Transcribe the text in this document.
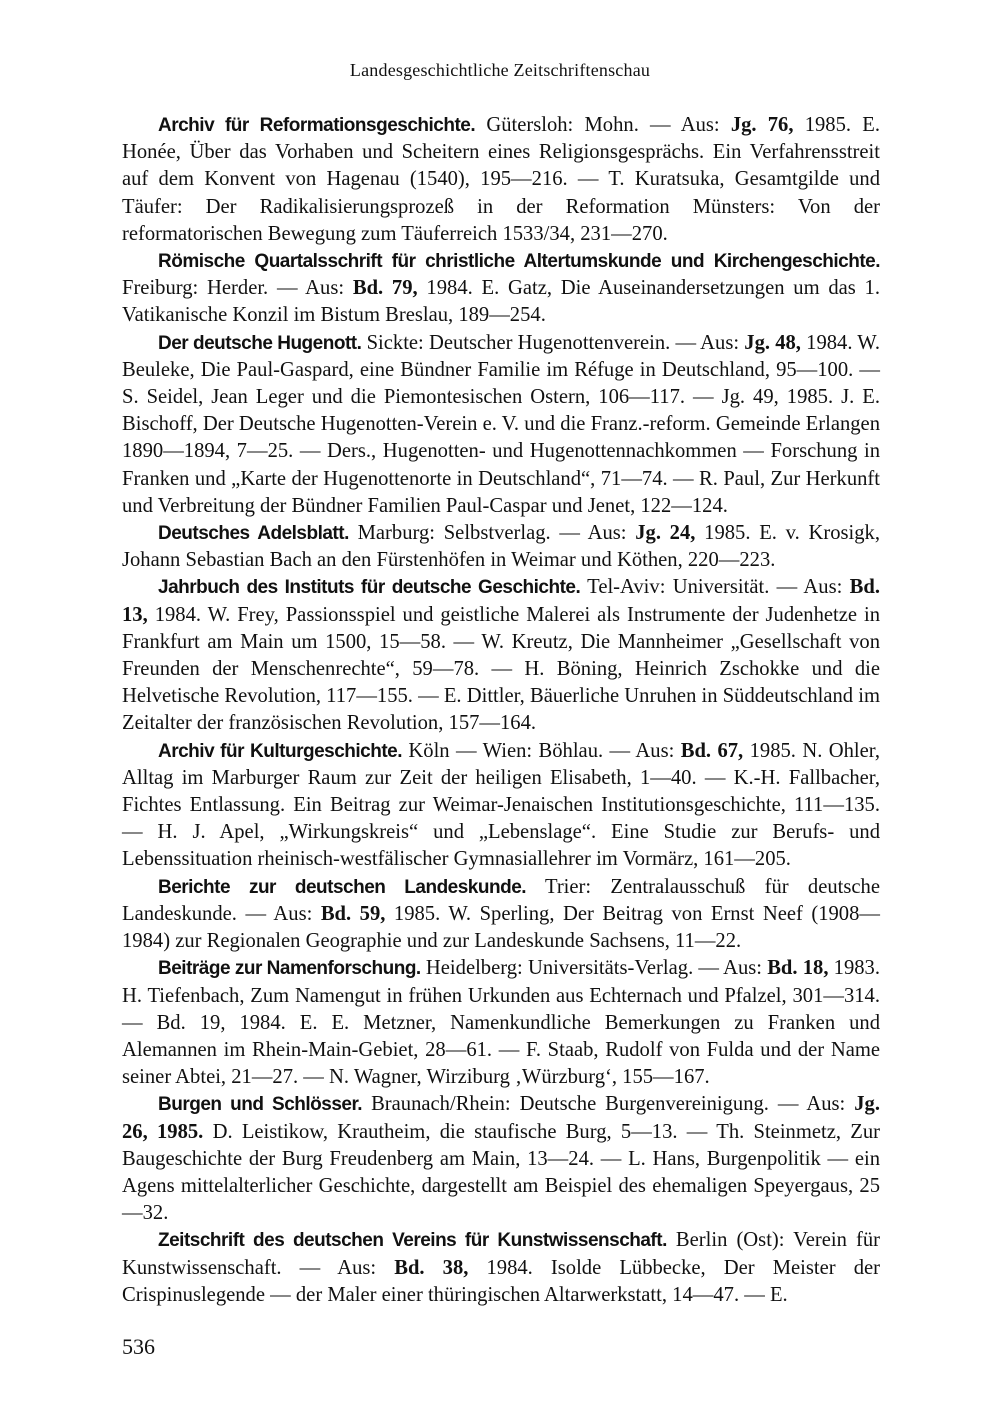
Landesgeschichtliche Zeitschriftenschau

Archiv für Reformationsgeschichte. Gütersloh: Mohn. — Aus: Jg. 76, 1985. E. Honée, Über das Vorhaben und Scheitern eines Religionsgesprächs. Ein Verfahrensstreit auf dem Konvent von Hagenau (1540), 195—216. — T. Kuratsuka, Gesamtgilde und Täufer: Der Radikalisierungsprozeß in der Reformation Münsters: Von der reformatorischen Bewegung zum Täuferreich 1533/34, 231—270.

Römische Quartalsschrift für christliche Altertumskunde und Kirchengeschichte. Freiburg: Herder. — Aus: Bd. 79, 1984. E. Gatz, Die Auseinandersetzungen um das 1. Vatikanische Konzil im Bistum Breslau, 189—254.

Der deutsche Hugenott. Sickte: Deutscher Hugenottenverein. — Aus: Jg. 48, 1984. W. Beuleke, Die Paul-Gaspard, eine Bündner Familie im Réfuge in Deutschland, 95—100. — S. Seidel, Jean Leger und die Piemontesischen Ostern, 106—117. — Jg. 49, 1985. J. E. Bischoff, Der Deutsche Hugenotten-Verein e. V. und die Franz.-reform. Gemeinde Erlangen 1890—1894, 7—25. — Ders., Hugenotten- und Hugenottennachkommen — Forschung in Franken und „Karte der Hugenottenorte in Deutschland“, 71—74. — R. Paul, Zur Herkunft und Verbreitung der Bündner Familien Paul-Caspar und Jenet, 122—124.

Deutsches Adelsblatt. Marburg: Selbstverlag. — Aus: Jg. 24, 1985. E. v. Krosigk, Johann Sebastian Bach an den Fürstenhöfen in Weimar und Köthen, 220—223.

Jahrbuch des Instituts für deutsche Geschichte. Tel-Aviv: Universität. — Aus: Bd. 13, 1984. W. Frey, Passionsspiel und geistliche Malerei als Instrumente der Judenhetze in Frankfurt am Main um 1500, 15—58. — W. Kreutz, Die Mannheimer „Gesellschaft von Freunden der Menschenrechte“, 59—78. — H. Böning, Heinrich Zschokke und die Helvetische Revolution, 117—155. — E. Dittler, Bäuerliche Unruhen in Süddeutschland im Zeitalter der französischen Revolution, 157—164.

Archiv für Kulturgeschichte. Köln — Wien: Böhlau. — Aus: Bd. 67, 1985. N. Ohler, Alltag im Marburger Raum zur Zeit der heiligen Elisabeth, 1—40. — K.-H. Fallbacher, Fichtes Entlassung. Ein Beitrag zur Weimar-Jenaischen Institutionsgeschichte, 111—135. — H. J. Apel, „Wirkungskreis“ und „Lebenslage“. Eine Studie zur Berufs- und Lebenssituation rheinisch-westfälischer Gymnasiallehrer im Vormärz, 161—205.

Berichte zur deutschen Landeskunde. Trier: Zentralausschuß für deutsche Landeskunde. — Aus: Bd. 59, 1985. W. Sperling, Der Beitrag von Ernst Neef (1908—1984) zur Regionalen Geographie und zur Landeskunde Sachsens, 11—22.

Beiträge zur Namenforschung. Heidelberg: Universitäts-Verlag. — Aus: Bd. 18, 1983. H. Tiefenbach, Zum Namengut in frühen Urkunden aus Echternach und Pfalzel, 301—314. — Bd. 19, 1984. E. E. Metzner, Namenkundliche Bemerkungen zu Franken und Alemannen im Rhein-Main-Gebiet, 28—61. — F. Staab, Rudolf von Fulda und der Name seiner Abtei, 21—27. — N. Wagner, Wirziburg ‚Würzburg‘, 155—167.

Burgen und Schlösser. Braunach/Rhein: Deutsche Burgenvereinigung. — Aus: Jg. 26, 1985. D. Leistikow, Krautheim, die staufische Burg, 5—13. — Th. Steinmetz, Zur Baugeschichte der Burg Freudenberg am Main, 13—24. — L. Hans, Burgenpolitik — ein Agens mittelalterlicher Geschichte, dargestellt am Beispiel des ehemaligen Speyergaus, 25—32.

Zeitschrift des deutschen Vereins für Kunstwissenschaft. Berlin (Ost): Verein für Kunstwissenschaft. — Aus: Bd. 38, 1984. Isolde Lübbecke, Der Meister der Crispinuslegende — der Maler einer thüringischen Altarwerkstatt, 14—47. — E.

536
